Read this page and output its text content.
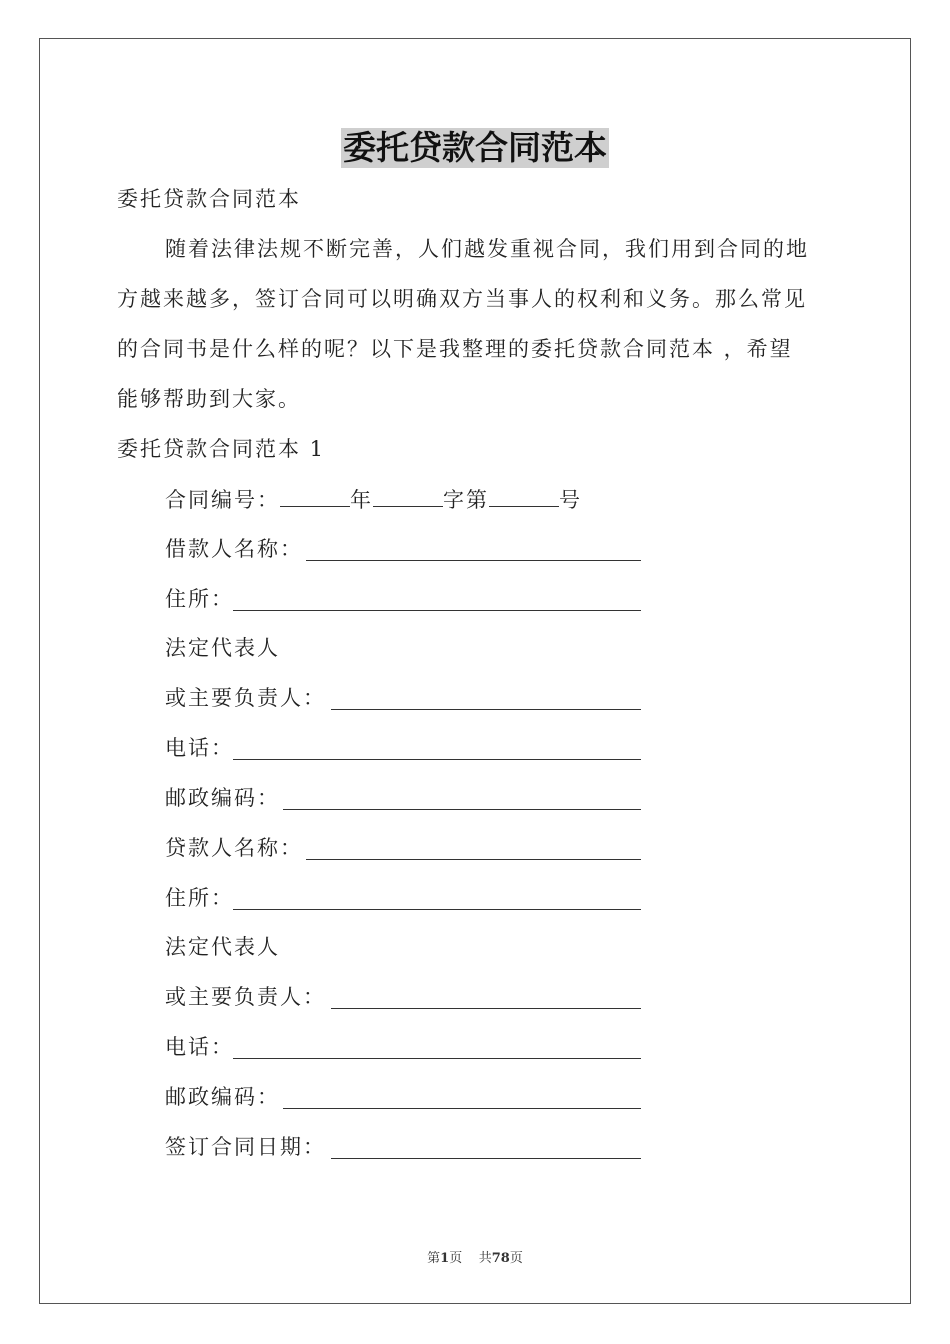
委托贷款合同范本
委托贷款合同范本
随着法律法规不断完善，人们越发重视合同，我们用到合同的地
方越来越多，签订合同可以明确双方当事人的权利和义务。那么常见
的合同书是什么样的呢？以下是我整理的委托贷款合同范本 ，希望
能够帮助到大家。
委托贷款合同范本 1
合同编号：	年	字第	号
借款人名称：
住所：
法定代表人
或主要负责人：
电话：
邮政编码：
贷款人名称：
住所：
法定代表人
或主要负责人：
电话：
邮政编码：
签订合同日期：
第1页 共78页
